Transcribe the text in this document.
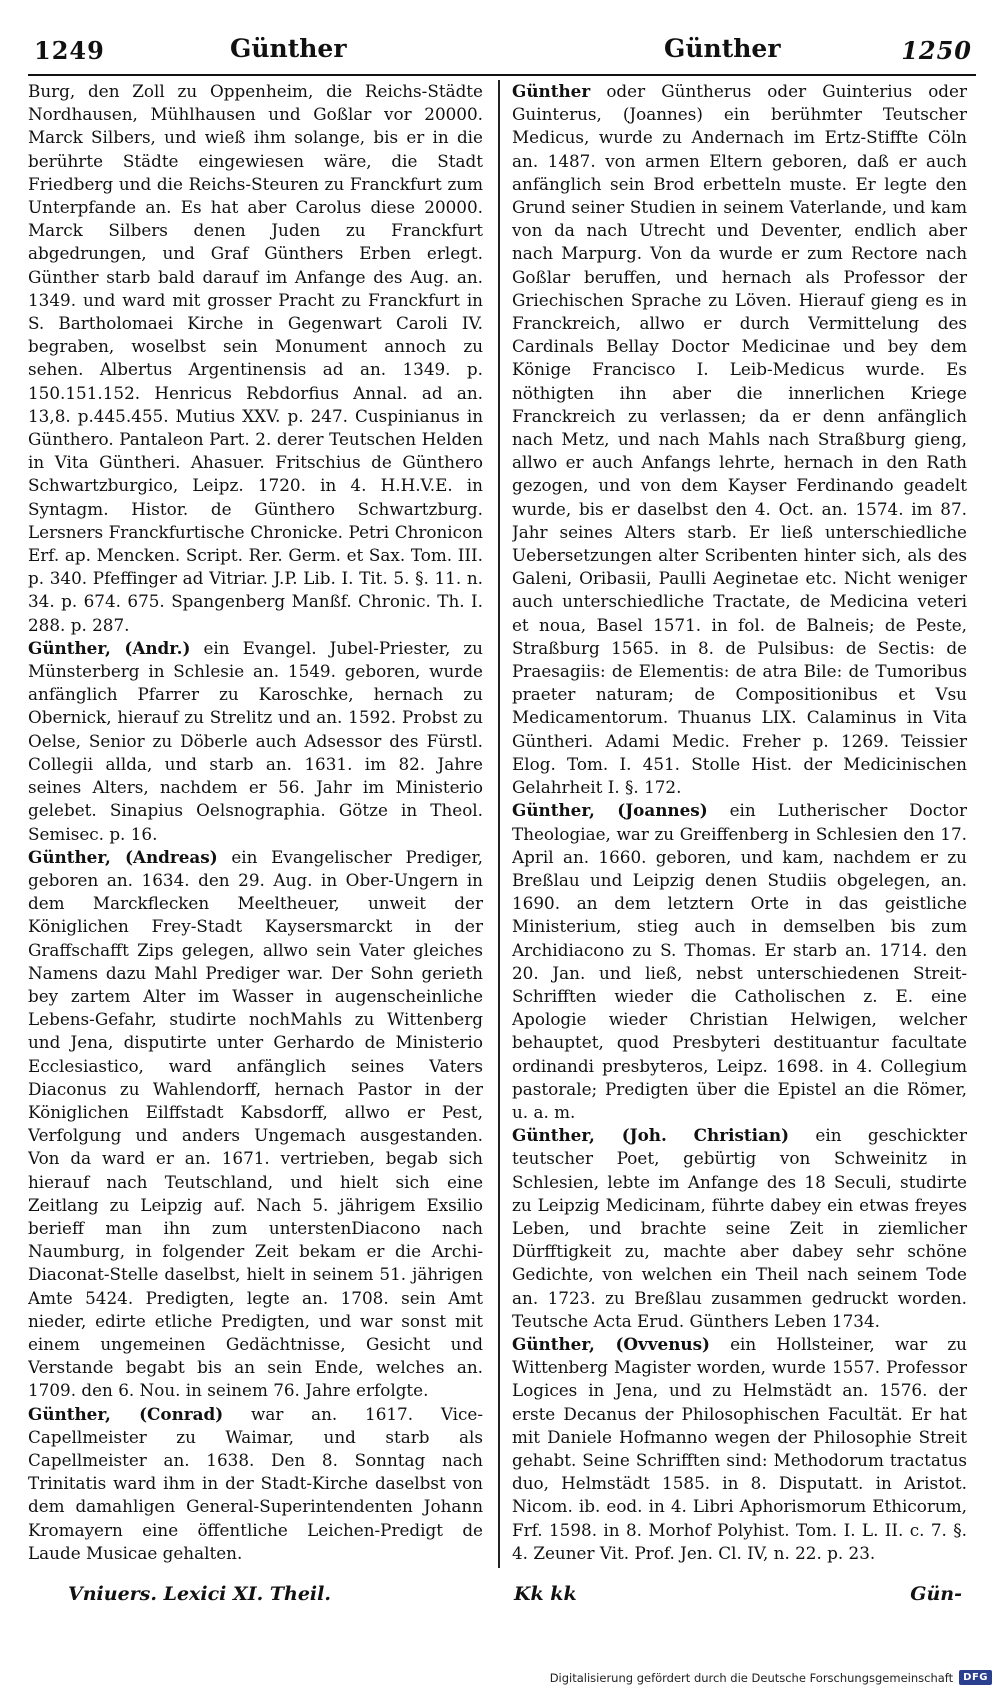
1249	Günther	Günther	1250

Burg, den Zoll zu Oppenheim, die Reichs-Städte Nordhausen, Mühlhausen und Goßlar vor 20000. Marck Silbers, und wieß ihm solange, bis er in die berührte Städte eingewiesen wäre, die Stadt Friedberg und die Reichs-Steuren zu Franckfurt zum Unterpfande an. Es hat aber Carolus diese 20000. Marck Silbers denen Juden zu Franckfurt abgedrungen, und Graf Günthers Erben erlegt. Günther starb bald darauf im Anfange des Aug. an. 1349. und ward mit grosser Pracht zu Franckfurt in S. Bartholomaei Kirche in Gegenwart Caroli IV. begraben, woselbst sein Monument annoch zu sehen. Albertus Argentinensis ad an. 1349. p. 150.151.152. Henricus Rebdorfius Annal. ad an. 13,8. p.445.455. Mutius XXV. p. 247. Cuspinianus in Günthero. Pantaleon Part. 2. derer Teutschen Helden in Vita Güntheri. Ahasuer. Fritschius de Günthero Schwartzburgico, Leipz. 1720. in 4. H.H.V.E. in Syntagm. Histor. de Günthero Schwartzburg. Lersners Franckfurtische Chronicke. Petri Chronicon Erf. ap. Mencken. Script. Rer. Germ. et Sax. Tom. III. p. 340. Pfeffinger ad Vitriar. J.P. Lib. I. Tit. 5. §. 11. n. 34. p. 674. 675. Spangenberg Manßf. Chronic. Th. I. 288. p. 287.

Günther, (Andr.) ein Evangel. Jubel-Priester, zu Münsterberg in Schlesie an. 1549. geboren, wurde anfänglich Pfarrer zu Karoschke, hernach zu Obernick, hierauf zu Strelitz und an. 1592. Probst zu Oelse, Senior zu Döberle auch Adsessor des Fürstl. Collegii allda, und starb an. 1631. im 82. Jahre seines Alters, nachdem er 56. Jahr im Ministerio gelebet. Sinapius Oelsnographia. Götze in Theol. Semisec. p. 16.

Günther, (Andreas) ein Evangelischer Prediger, geboren an. 1634. den 29. Aug. in Ober-Ungern in dem Marckflecken Meeltheuer, unweit der Königlichen Frey-Stadt Kaysersmarckt in der Graffschafft Zips gelegen, allwo sein Vater gleiches Namens dazu Mahl Prediger war. Der Sohn gerieth bey zartem Alter im Wasser in augenscheinliche Lebens-Gefahr, studirte nochMahls zu Wittenberg und Jena, disputirte unter Gerhardo de Ministerio Ecclesiastico, ward anfänglich seines Vaters Diaconus zu Wahlendorff, hernach Pastor in der Königlichen Eilffstadt Kabsdorff, allwo er Pest, Verfolgung und anders Ungemach ausgestanden. Von da ward er an. 1671. vertrieben, begab sich hierauf nach Teutschland, und hielt sich eine Zeitlang zu Leipzig auf. Nach 5. jährigem Exsilio berieff man ihn zum unterstenDiacono nach Naumburg, in folgender Zeit bekam er die Archi-Diaconat-Stelle daselbst, hielt in seinem 51. jährigen Amte 5424. Predigten, legte an. 1708. sein Amt nieder, edirte etliche Predigten, und war sonst mit einem ungemeinen Gedächtnisse, Gesicht und Verstande begabt bis an sein Ende, welches an. 1709. den 6. Nou. in seinem 76. Jahre erfolgte.

Günther, (Conrad) war an. 1617. Vice-Capellmeister zu Waimar, und starb als Capellmeister an. 1638. Den 8. Sonntag nach Trinitatis ward ihm in der Stadt-Kirche daselbst von dem damahligen General-Superintendenten Johann Kromayern eine öffentliche Leichen-Predigt de Laude Musicae gehalten.

Günther oder Güntherus oder Guinterius oder Guinterus, (Joannes) ein berühmter Teutscher Medicus, wurde zu Andernach im Ertz-Stiffte Cöln an. 1487. von armen Eltern geboren, daß er auch anfänglich sein Brod erbetteln muste. Er legte den Grund seiner Studien in seinem Vaterlande, und kam von da nach Utrecht und Deventer, endlich aber nach Marpurg. Von da wurde er zum Rectore nach Goßlar beruffen, und hernach als Professor der Griechischen Sprache zu Löven. Hierauf gieng es in Franckreich, allwo er durch Vermittelung des Cardinals Bellay Doctor Medicinae und bey dem Könige Francisco I. Leib-Medicus wurde. Es nöthigten ihn aber die innerlichen Kriege Franckreich zu verlassen; da er denn anfänglich nach Metz, und nach Mahls nach Straßburg gieng, allwo er auch Anfangs lehrte, hernach in den Rath gezogen, und von dem Kayser Ferdinando geadelt wurde, bis er daselbst den 4. Oct. an. 1574. im 87. Jahr seines Alters starb. Er ließ unterschiedliche Uebersetzungen alter Scribenten hinter sich, als des Galeni, Oribasii, Paulli Aeginetae etc. Nicht weniger auch unterschiedliche Tractate, de Medicina veteri et noua, Basel 1571. in fol. de Balneis; de Peste, Straßburg 1565. in 8. de Pulsibus: de Sectis: de Praesagiis: de Elementis: de atra Bile: de Tumoribus praeter naturam; de Compositionibus et Vsu Medicamentorum. Thuanus LIX. Calaminus in Vita Güntheri. Adami Medic. Freher p. 1269. Teissier Elog. Tom. I. 451. Stolle Hist. der Medicinischen Gelahrheit I. §. 172.

Günther, (Joannes) ein Lutherischer Doctor Theologiae, war zu Greiffenberg in Schlesien den 17. April an. 1660. geboren, und kam, nachdem er zu Breßlau und Leipzig denen Studiis obgelegen, an. 1690. an dem letztern Orte in das geistliche Ministerium, stieg auch in demselben bis zum Archidiacono zu S. Thomas. Er starb an. 1714. den 20. Jan. und ließ, nebst unterschiedenen Streit-Schrifften wieder die Catholischen z. E. eine Apologie wieder Christian Helwigen, welcher behauptet, quod Presbyteri destituantur facultate ordinandi presbyteros, Leipz. 1698. in 4. Collegium pastorale; Predigten über die Epistel an die Römer, u. a. m.

Günther, (Joh. Christian) ein geschickter teutscher Poet, gebürtig von Schweinitz in Schlesien, lebte im Anfange des 18 Seculi, studirte zu Leipzig Medicinam, führte dabey ein etwas freyes Leben, und brachte seine Zeit in ziemlicher Dürfftigkeit zu, machte aber dabey sehr schöne Gedichte, von welchen ein Theil nach seinem Tode an. 1723. zu Breßlau zusammen gedruckt worden. Teutsche Acta Erud. Günthers Leben 1734.

Günther, (Ovvenus) ein Hollsteiner, war zu Wittenberg Magister worden, wurde 1557. Professor Logices in Jena, und zu Helmstädt an. 1576. der erste Decanus der Philosophischen Facultät. Er hat mit Daniele Hofmanno wegen der Philosophie Streit gehabt. Seine Schrifften sind: Methodorum tractatus duo, Helmstädt 1585. in 8. Disputatt. in Aristot. Nicom. ib. eod. in 4. Libri Aphorismorum Ethicorum, Frf. 1598. in 8. Morhof Polyhist. Tom. I. L. II. c. 7. §. 4. Zeuner Vit. Prof. Jen. Cl. IV, n. 22. p. 23.

Vniuers. Lexici XI. Theil.	Kk kk	Gün-
Digitalisierung gefördert durch die Deutsche Forschungsgemeinschaft	DFG
